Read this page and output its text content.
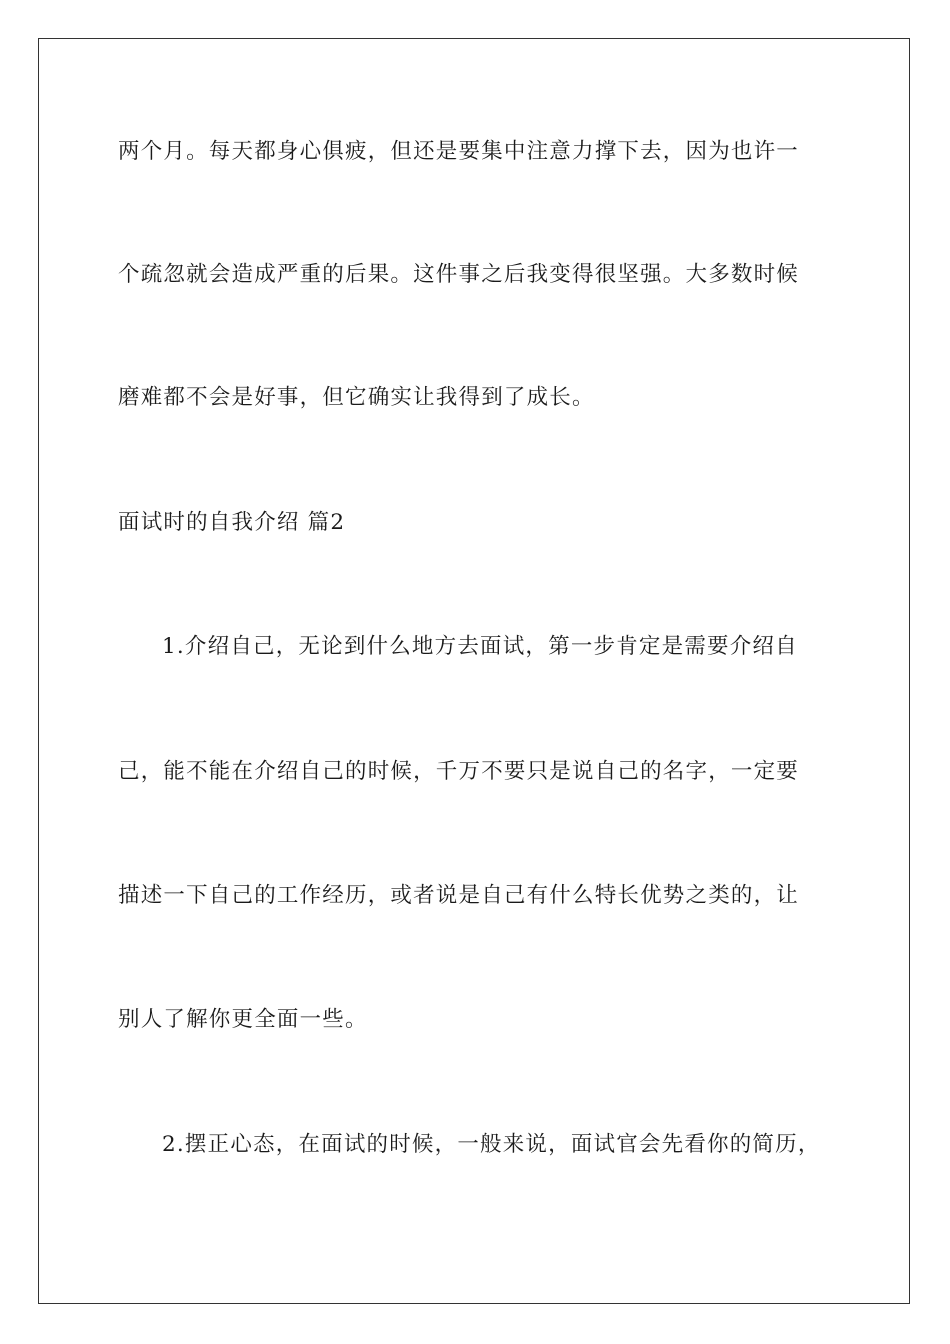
两个月。每天都身心俱疲，但还是要集中注意力撑下去，因为也许一
个疏忽就会造成严重的后果。这件事之后我变得很坚强。大多数时候
磨难都不会是好事，但它确实让我得到了成长。
面试时的自我介绍 篇2
1.介绍自己，无论到什么地方去面试，第一步肯定是需要介绍自
己，能不能在介绍自己的时候，千万不要只是说自己的名字，一定要
描述一下自己的工作经历，或者说是自己有什么特长优势之类的，让
别人了解你更全面一些。
2.摆正心态，在面试的时候，一般来说，面试官会先看你的简历，
